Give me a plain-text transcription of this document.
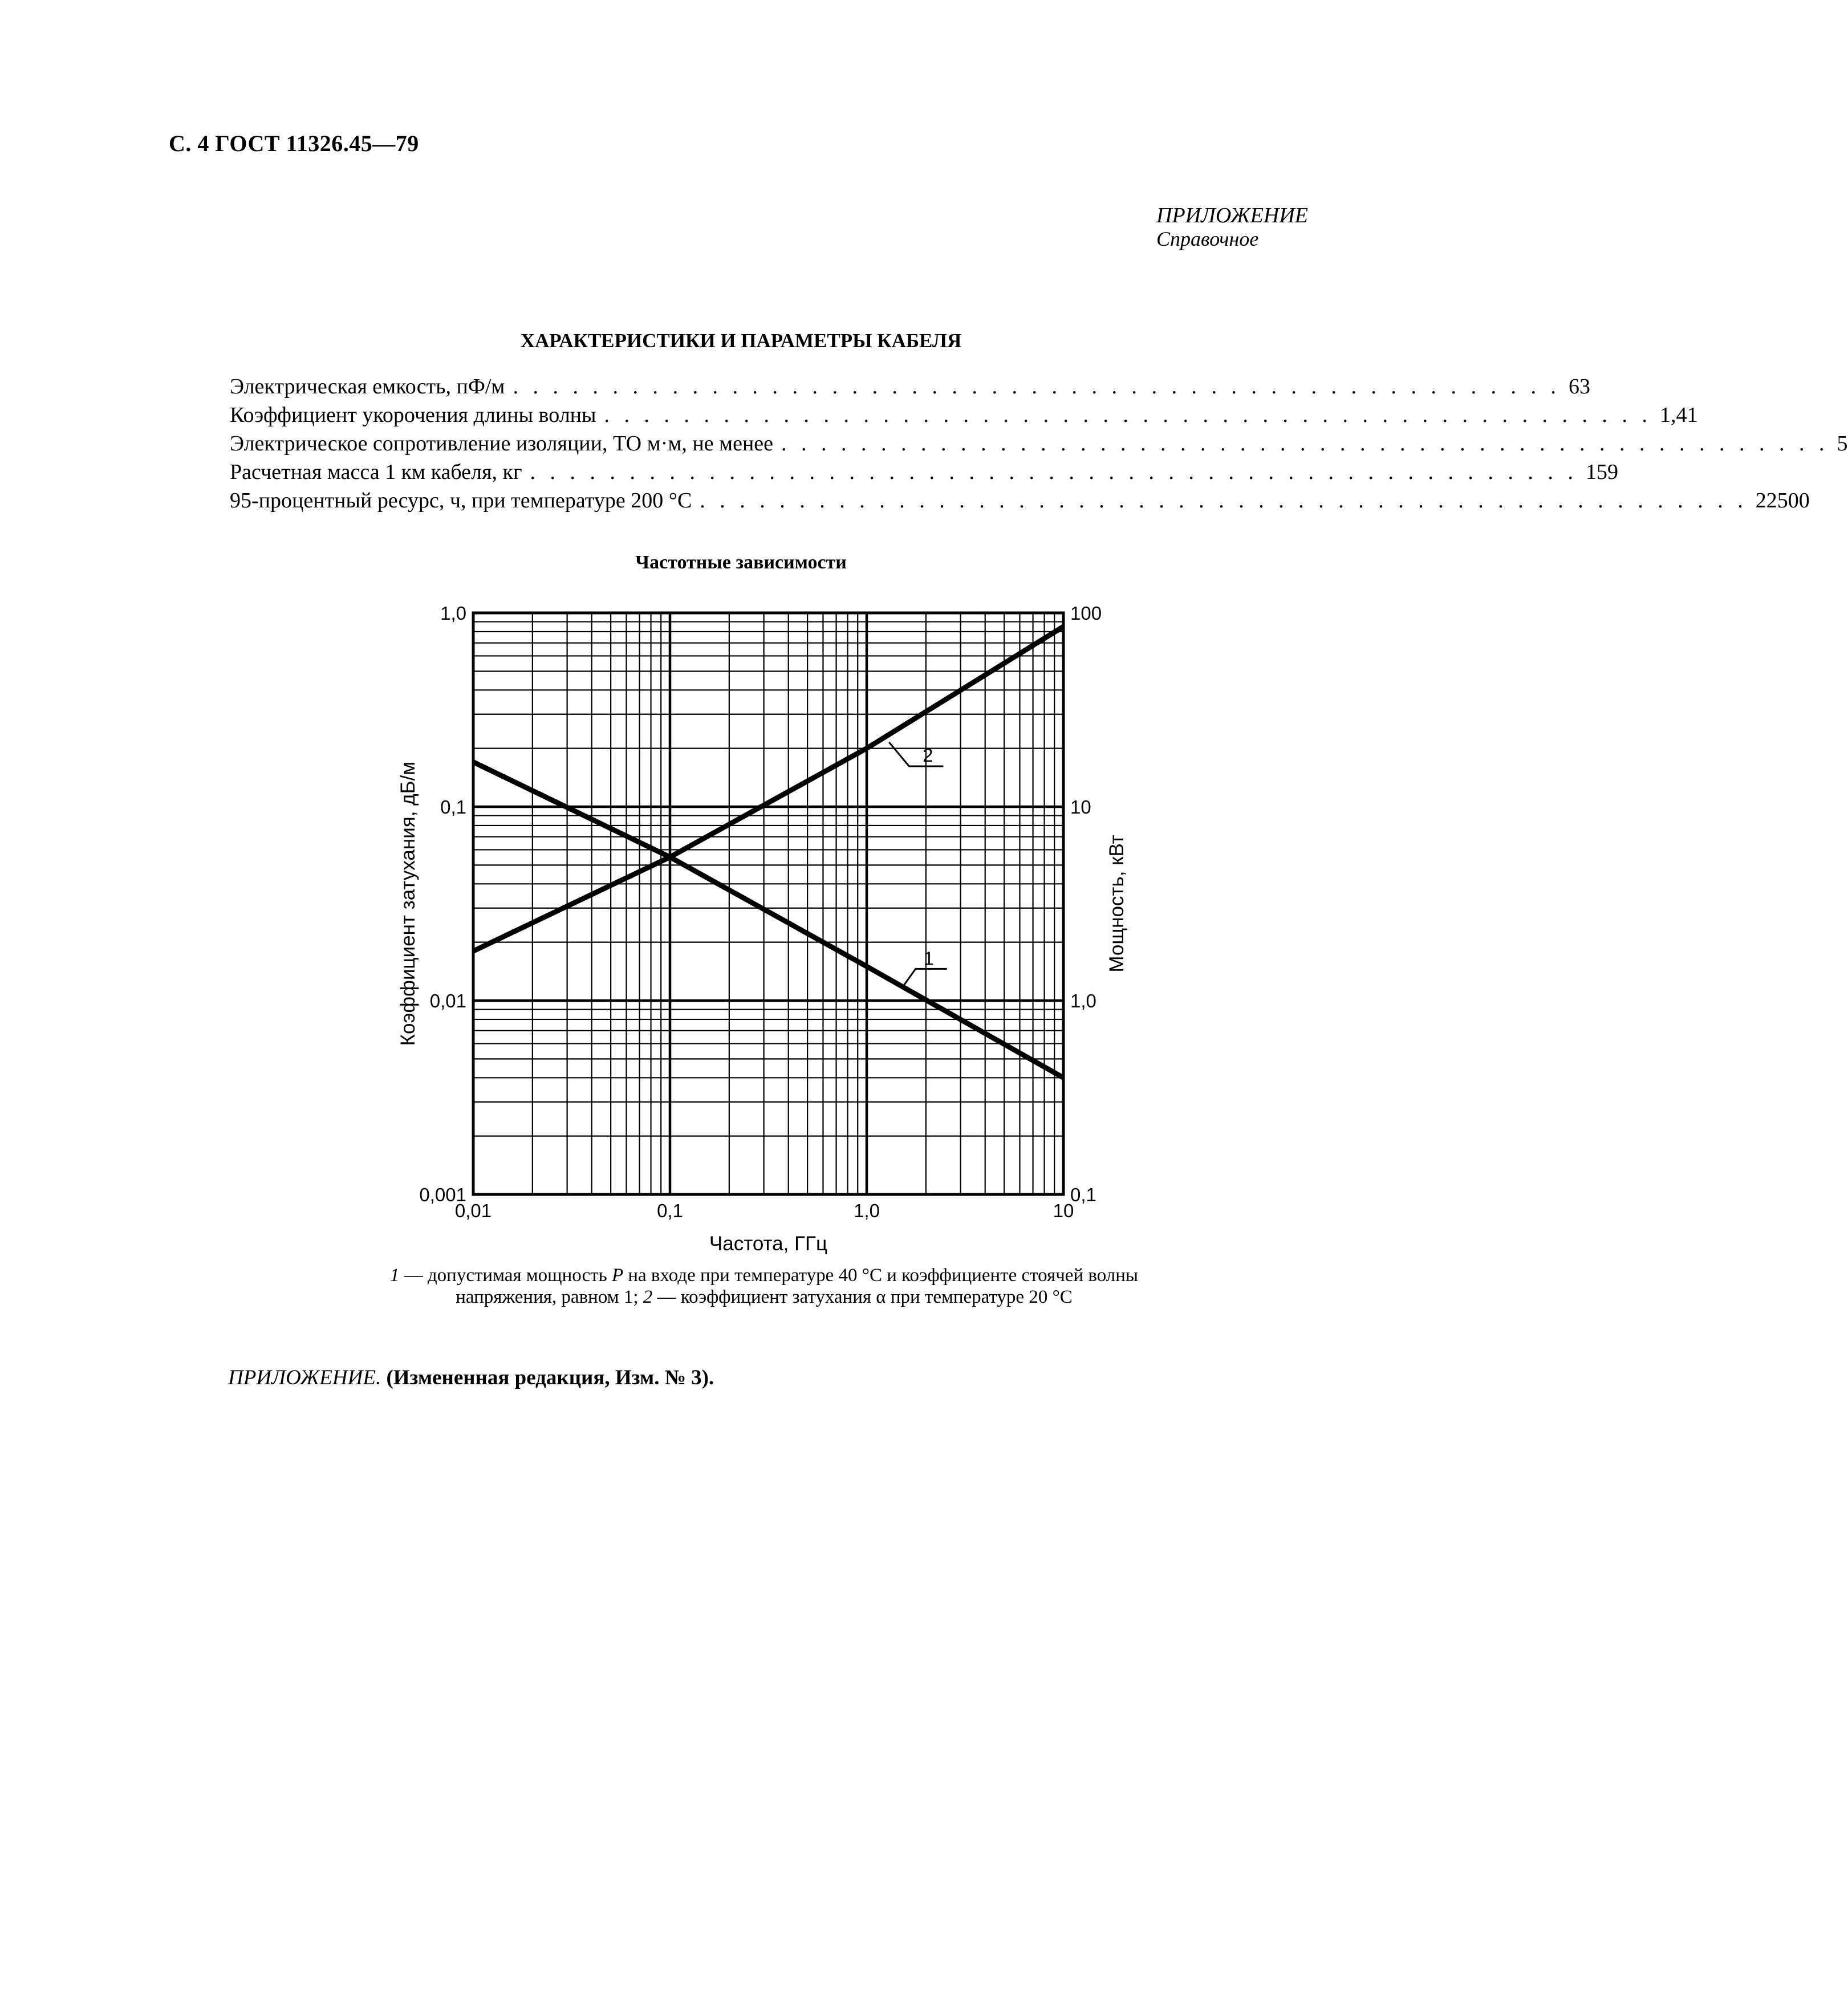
С. 4 ГОСТ 11326.45—79
ПРИЛОЖЕНИЕ
Справочное
ХАРАКТЕРИСТИКИ И ПАРАМЕТРЫ КАБЕЛЯ
Электрическая емкость, пФ/м . . . . . . . . . . . . . . . . . . . . . . . . . . . . . . . . . . . . . . . . . . . . . . . . . . . . . 63
Коэффициент укорочения длины волны . . . . . . . . . . . . . . . . . . . . . . . . . . . . . . . . . . . . . . . . . . . . . . . . . . . . . 1,41
Электрическое сопротивление изоляции, ТО м·м, не менее . . . . . . . . . . . . . . . . . . . . . . . . . . . . . . . . . . . . . . . . . . . . . . . . . . . . . 5
Расчетная масса 1 км кабеля, кг . . . . . . . . . . . . . . . . . . . . . . . . . . . . . . . . . . . . . . . . . . . . . . . . . . . . . 159
95-процентный ресурс, ч, при температуре 200 °C . . . . . . . . . . . . . . . . . . . . . . . . . . . . . . . . . . . . . . . . . . . . . . . . . . . . . 22500
Частотные зависимости
0,01	0,1	1,0	10
0,001
0,01
0,1
1,0
0,1
1,0
10
100
Частота, ГГц
Коэффициент затухания, дБ/м	Мощность, кВт
1
2
1 — допустимая мощность P на входе при температуре 40 °С и коэффициенте стоячей волны напряжения, равном 1; 2 — коэффициент затухания α при температуре 20 °С
ПРИЛОЖЕНИЕ. (Измененная редакция, Изм. № 3).
